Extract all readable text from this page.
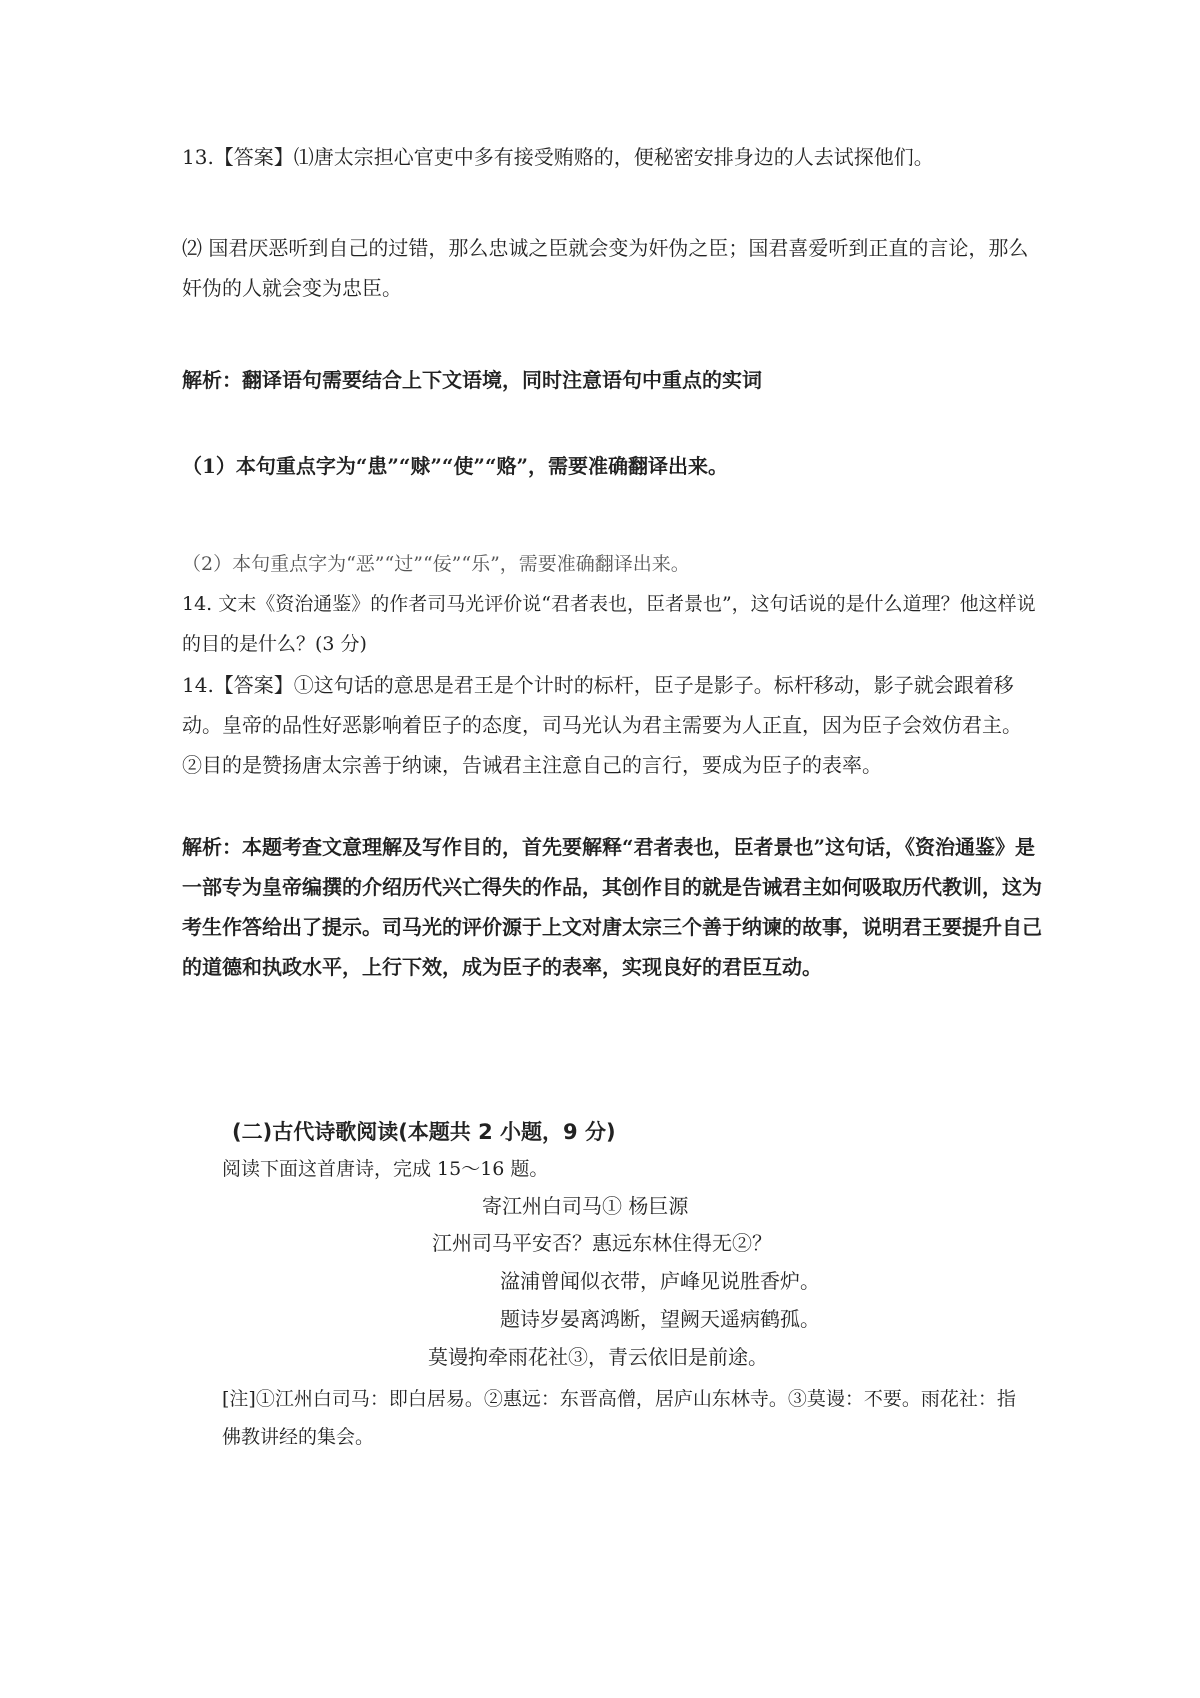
13.【答案】⑴唐太宗担心官吏中多有接受贿赂的，便秘密安排身边的人去试探他们。

⑵ 国君厌恶听到自己的过错，那么忠诚之臣就会变为奸伪之臣；国君喜爱听到正直的言论，那么奸伪的人就会变为忠臣。

解析：翻译语句需要结合上下文语境，同时注意语句中重点的实词

（1）本句重点字为“患”“赇”“使”“赂”，需要准确翻译出来。

（2）本句重点字为“恶”“过”“佞”“乐”，需要准确翻译出来。

14. 文末《资治通鉴》的作者司马光评价说“君者表也，臣者景也”，这句话说的是什么道理？他这样说的目的是什么？(3 分)

14.【答案】①这句话的意思是君王是个计时的标杆，臣子是影子。标杆移动，影子就会跟着移动。皇帝的品性好恶影响着臣子的态度，司马光认为君主需要为人正直，因为臣子会效仿君主。　②目的是赞扬唐太宗善于纳谏，告诫君主注意自己的言行，要成为臣子的表率。

解析：本题考查文意理解及写作目的，首先要解释“君者表也，臣者景也”这句话，《资治通鉴》是一部专为皇帝编撰的介绍历代兴亡得失的作品，其创作目的就是告诫君主如何吸取历代教训，这为考生作答给出了提示。司马光的评价源于上文对唐太宗三个善于纳谏的故事，说明君王要提升自己的道德和执政水平，上行下效，成为臣子的表率，实现良好的君臣互动。

(二)古代诗歌阅读(本题共 2 小题，9 分)

阅读下面这首唐诗，完成 15～16 题。

寄江州白司马① 杨巨源

江州司马平安否？惠远东林住得无②？

湓浦曾闻似衣带，庐峰见说胜香炉。

题诗岁晏离鸿断，望阙天遥病鹤孤。

莫谩拘牵雨花社③，青云依旧是前途。

[注]①江州白司马：即白居易。②惠远：东晋高僧，居庐山东林寺。③莫谩：不要。雨花社：指佛教讲经的集会。
